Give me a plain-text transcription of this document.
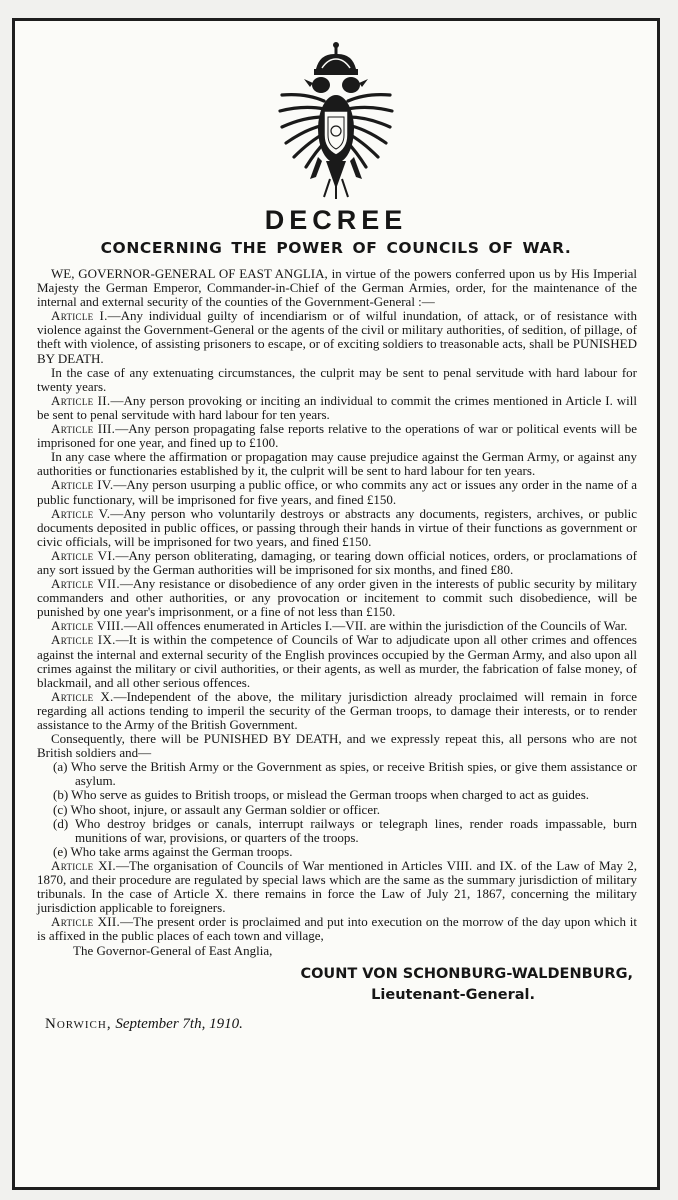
DECREE
CONCERNING THE POWER OF COUNCILS OF WAR.

WE, GOVERNOR-GENERAL OF EAST ANGLIA, in virtue of the powers conferred upon us by His Imperial Majesty the German Emperor, Commander-in-Chief of the German Armies, order, for the maintenance of the internal and external security of the counties of the Government-General :—

Article I.—Any individual guilty of incendiarism or of wilful inundation, of attack, or of resistance with violence against the Government-General or the agents of the civil or military authorities, of sedition, of pillage, of theft with violence, of assisting prisoners to escape, or of exciting soldiers to treasonable acts, shall be PUNISHED BY DEATH.

In the case of any extenuating circumstances, the culprit may be sent to penal servitude with hard labour for twenty years.

Article II.—Any person provoking or inciting an individual to commit the crimes mentioned in Article I. will be sent to penal servitude with hard labour for ten years.

Article III.—Any person propagating false reports relative to the operations of war or political events will be imprisoned for one year, and fined up to £100.

In any case where the affirmation or propagation may cause prejudice against the German Army, or against any authorities or functionaries established by it, the culprit will be sent to hard labour for ten years.

Article IV.—Any person usurping a public office, or who commits any act or issues any order in the name of a public functionary, will be imprisoned for five years, and fined £150.

Article V.—Any person who voluntarily destroys or abstracts any documents, registers, archives, or public documents deposited in public offices, or passing through their hands in virtue of their functions as government or civic officials, will be imprisoned for two years, and fined £150.

Article VI.—Any person obliterating, damaging, or tearing down official notices, orders, or proclamations of any sort issued by the German authorities will be imprisoned for six months, and fined £80.

Article VII.—Any resistance or disobedience of any order given in the interests of public security by military commanders and other authorities, or any provocation or incitement to commit such disobedience, will be punished by one year's imprisonment, or a fine of not less than £150.

Article VIII.—All offences enumerated in Articles I.—VII. are within the jurisdiction of the Councils of War.

Article IX.—It is within the competence of Councils of War to adjudicate upon all other crimes and offences against the internal and external security of the English provinces occupied by the German Army, and also upon all crimes against the military or civil authorities, or their agents, as well as murder, the fabrication of false money, of blackmail, and all other serious offences.

Article X.—Independent of the above, the military jurisdiction already proclaimed will remain in force regarding all actions tending to imperil the security of the German troops, to damage their interests, or to render assistance to the Army of the British Government.

Consequently, there will be PUNISHED BY DEATH, and we expressly repeat this, all persons who are not British soldiers and—

(a) Who serve the British Army or the Government as spies, or receive British spies, or give them assistance or asylum.
(b) Who serve as guides to British troops, or mislead the German troops when charged to act as guides.
(c) Who shoot, injure, or assault any German soldier or officer.
(d) Who destroy bridges or canals, interrupt railways or telegraph lines, render roads impassable, burn munitions of war, provisions, or quarters of the troops.
(e) Who take arms against the German troops.

Article XI.—The organisation of Councils of War mentioned in Articles VIII. and IX. of the Law of May 2, 1870, and their procedure are regulated by special laws which are the same as the summary jurisdiction of military tribunals. In the case of Article X. there remains in force the Law of July 21, 1867, concerning the military jurisdiction applicable to foreigners.

Article XII.—The present order is proclaimed and put into execution on the morrow of the day upon which it is affixed in the public places of each town and village,

The Governor-General of East Anglia,

COUNT VON SCHONBURG-WALDENBURG,
Lieutenant-General.
Norwich, September 7th, 1910.
